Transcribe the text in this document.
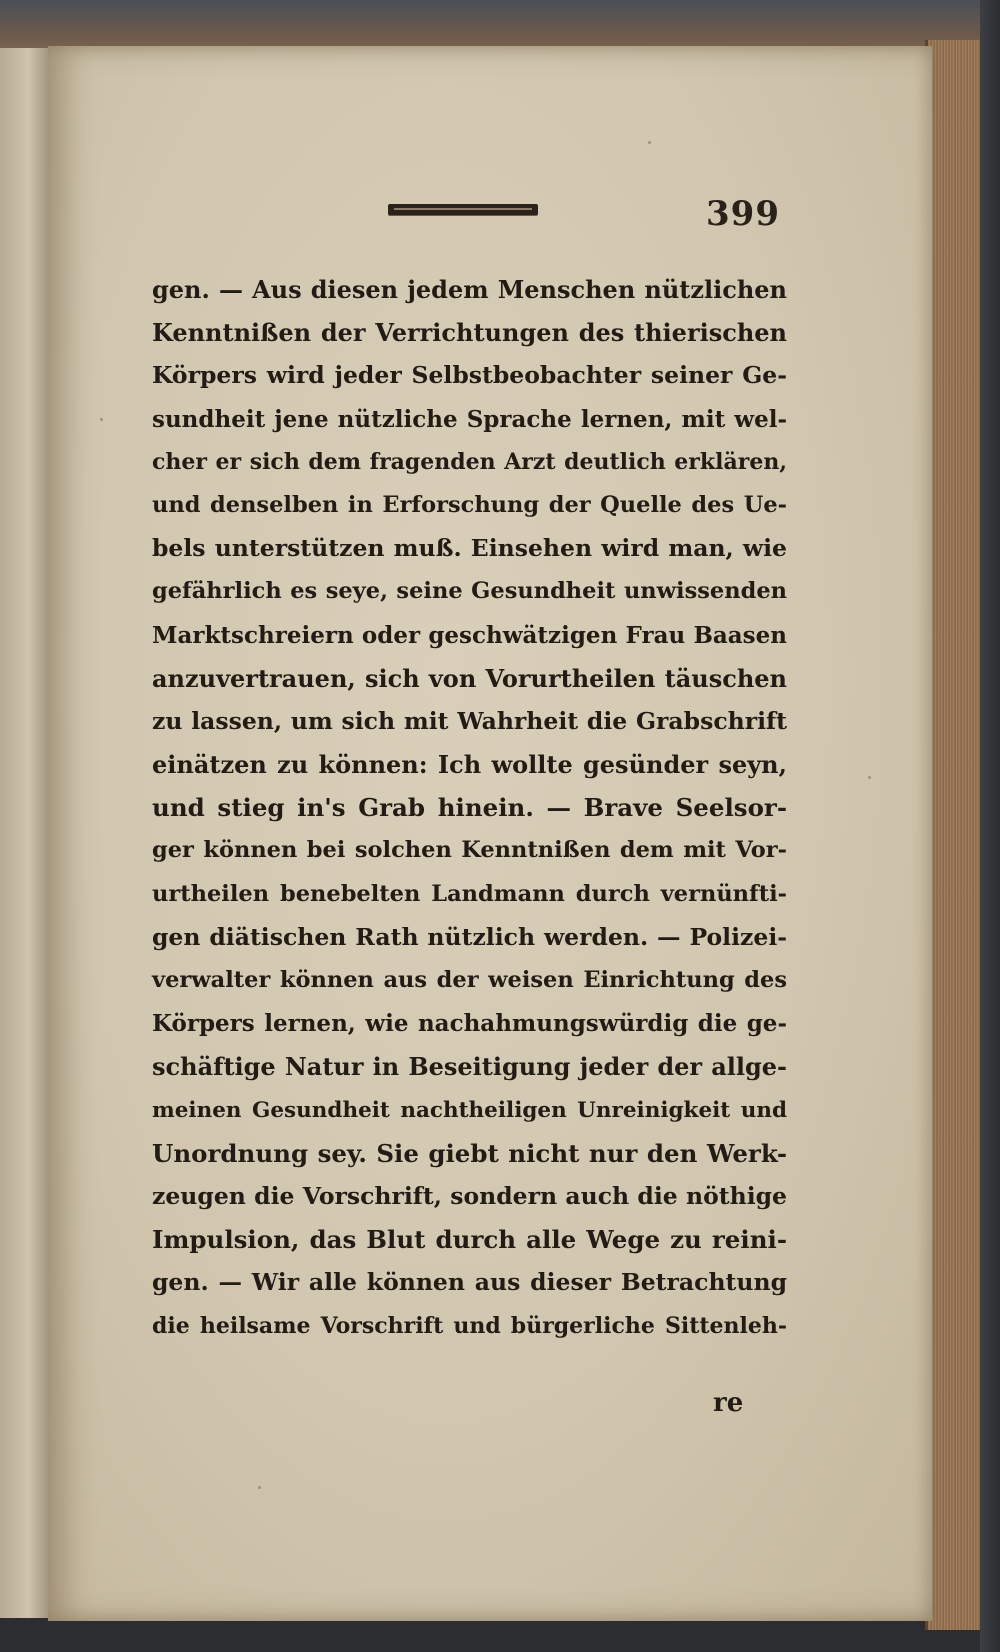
399
gen. — Aus diesen jedem Menschen nützlichen
Kenntnißen der Verrichtungen des thierischen
Körpers wird jeder Selbstbeobachter seiner Ge-
sundheit jene nützliche Sprache lernen, mit wel-
cher er sich dem fragenden Arzt deutlich erklären,
und denselben in Erforschung der Quelle des Ue-
bels unterstützen muß. Einsehen wird man, wie
gefährlich es seye, seine Gesundheit unwissenden
Marktschreiern oder geschwätzigen Frau Baasen
anzuvertrauen, sich von Vorurtheilen täuschen
zu lassen, um sich mit Wahrheit die Grabschrift
einätzen zu können: Ich wollte gesünder seyn,
und stieg in's Grab hinein. — Brave Seelsor-
ger können bei solchen Kenntnißen dem mit Vor-
urtheilen benebelten Landmann durch vernünfti-
gen diätischen Rath nützlich werden. — Polizei-
verwalter können aus der weisen Einrichtung des
Körpers lernen, wie nachahmungswürdig die ge-
schäftige Natur in Beseitigung jeder der allge-
meinen Gesundheit nachtheiligen Unreinigkeit und
Unordnung sey. Sie giebt nicht nur den Werk-
zeugen die Vorschrift, sondern auch die nöthige
Impulsion, das Blut durch alle Wege zu reini-
gen. — Wir alle können aus dieser Betrachtung
die heilsame Vorschrift und bürgerliche Sittenleh-
re
